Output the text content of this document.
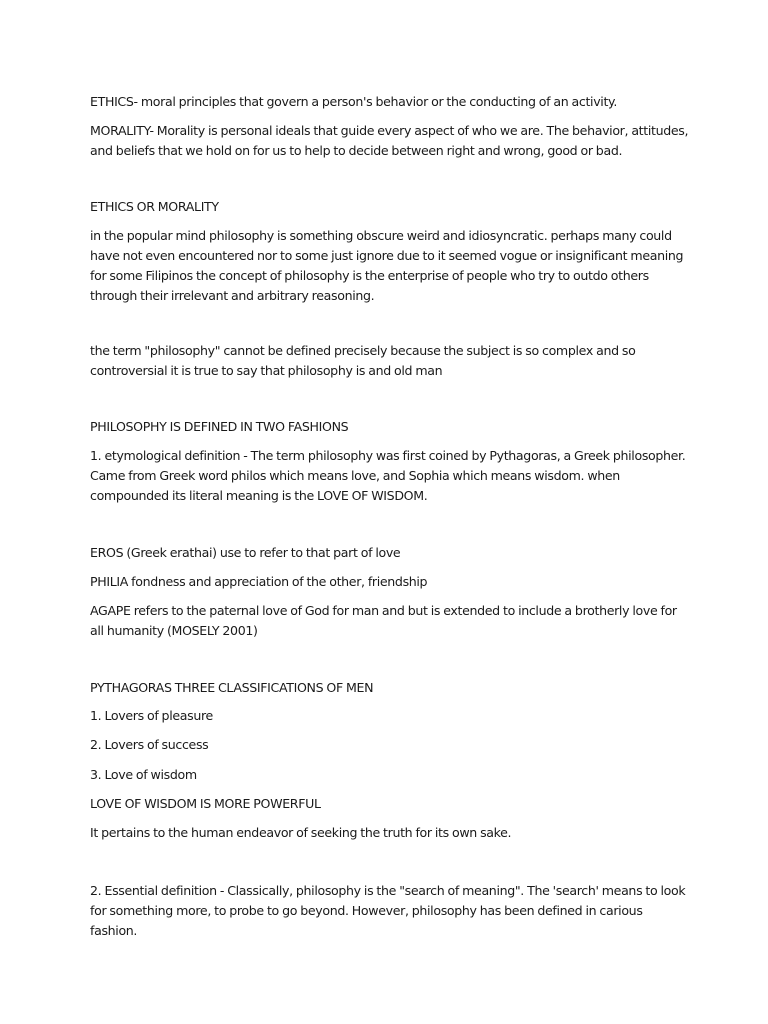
ETHICS- moral principles that govern a person's behavior or the conducting of an activity.

MORALITY- Morality is personal ideals that guide every aspect of who we are. The behavior, attitudes, and beliefs that we hold on for us to help to decide between right and wrong, good or bad.

ETHICS OR MORALITY

in the popular mind philosophy is something obscure weird and idiosyncratic. perhaps many could have not even encountered nor to some just ignore due to it seemed vogue or insignificant meaning for some Filipinos the concept of philosophy is the enterprise of people who try to outdo others through their irrelevant and arbitrary reasoning.

the term "philosophy" cannot be defined precisely because the subject is so complex and so controversial it is true to say that philosophy is and old man

PHILOSOPHY IS DEFINED IN TWO FASHIONS

1. etymological definition - The term philosophy was first coined by Pythagoras, a Greek philosopher. Came from Greek word philos which means love, and Sophia which means wisdom. when compounded its literal meaning is the LOVE OF WISDOM.

EROS (Greek erathai) use to refer to that part of love

PHILIA fondness and appreciation of the other, friendship

AGAPE refers to the paternal love of God for man and but is extended to include a brotherly love for all humanity (MOSELY 2001)

PYTHAGORAS THREE CLASSIFICATIONS OF MEN

1. Lovers of pleasure

2. Lovers of success

3. Love of wisdom

LOVE OF WISDOM IS MORE POWERFUL

It pertains to the human endeavor of seeking the truth for its own sake.

2. Essential definition - Classically, philosophy is the "search of meaning". The 'search' means to look for something more, to probe to go beyond. However, philosophy has been defined in carious fashion.
